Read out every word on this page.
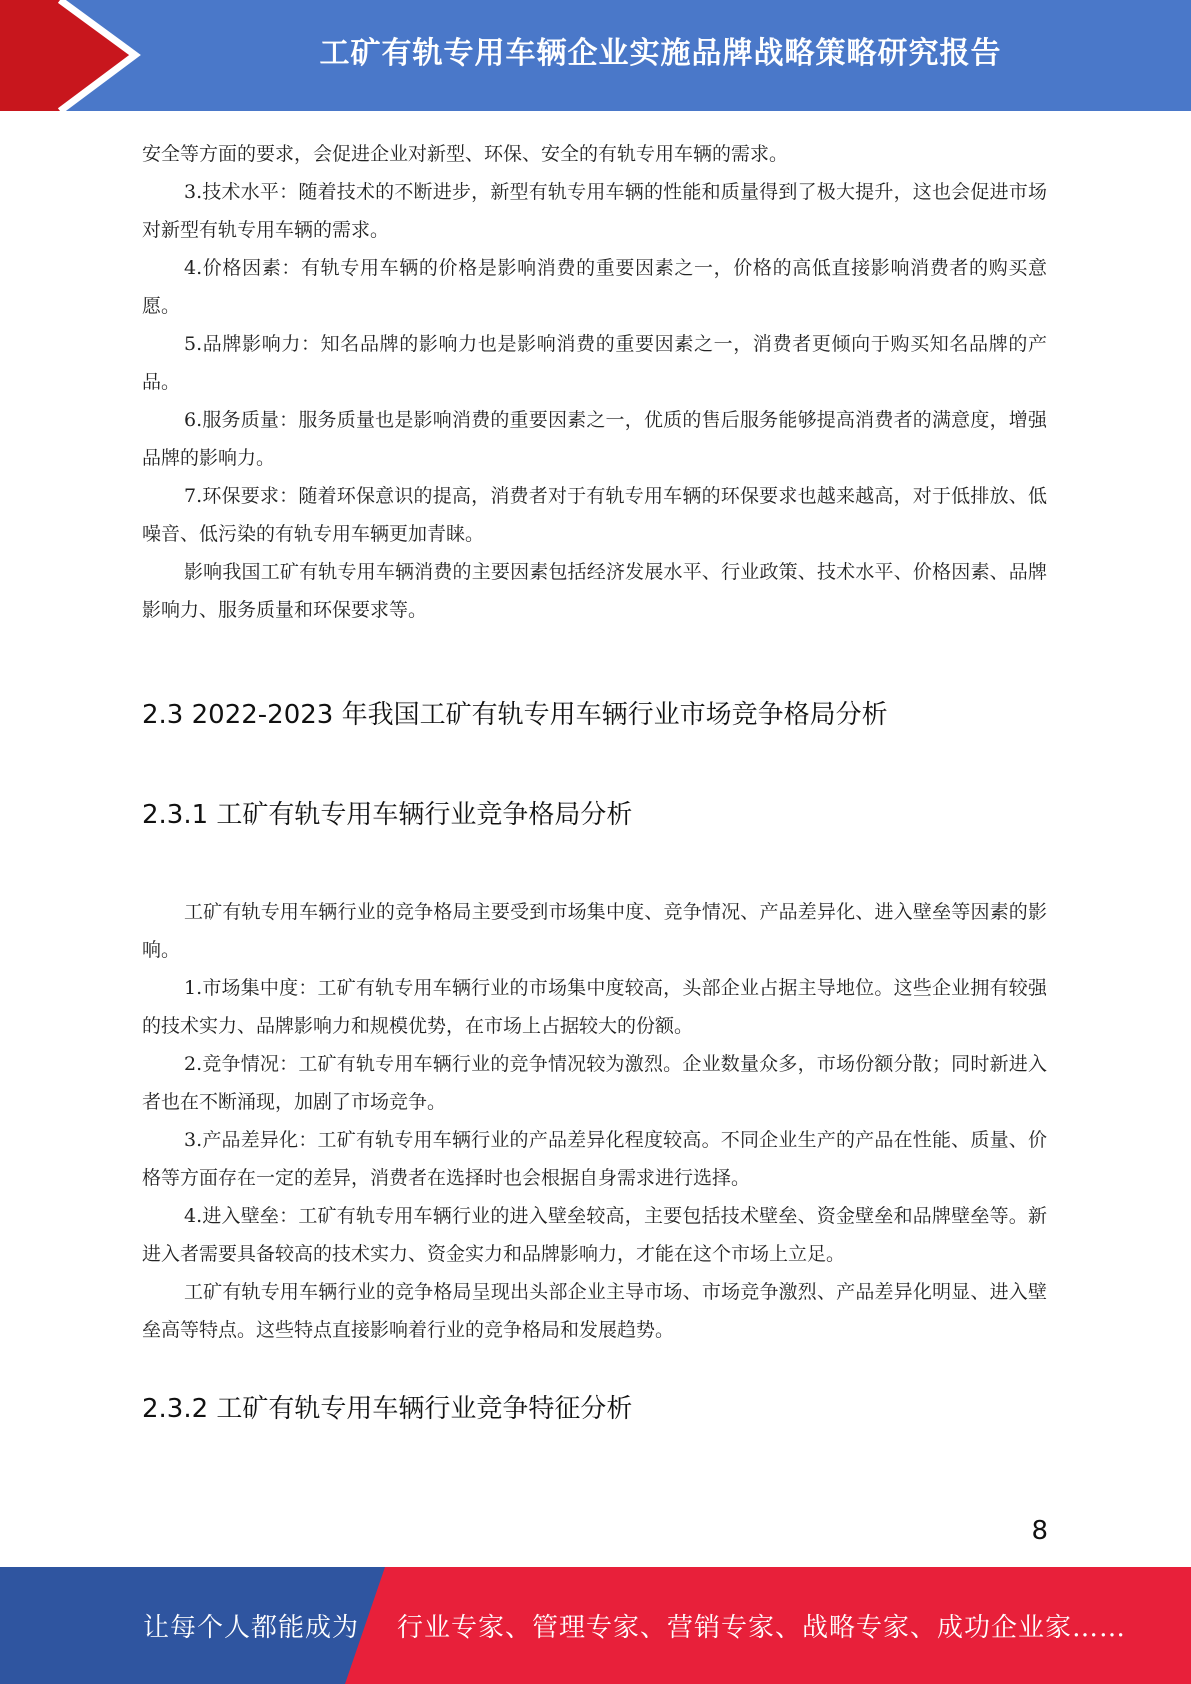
工矿有轨专用车辆企业实施品牌战略策略研究报告

安全等方面的要求，会促进企业对新型、环保、安全的有轨专用车辆的需求。

3.技术水平：随着技术的不断进步，新型有轨专用车辆的性能和质量得到了极大提升，这也会促进市场对新型有轨专用车辆的需求。

4.价格因素：有轨专用车辆的价格是影响消费的重要因素之一，价格的高低直接影响消费者的购买意愿。

5.品牌影响力：知名品牌的影响力也是影响消费的重要因素之一，消费者更倾向于购买知名品牌的产品。

6.服务质量：服务质量也是影响消费的重要因素之一，优质的售后服务能够提高消费者的满意度，增强品牌的影响力。

7.环保要求：随着环保意识的提高，消费者对于有轨专用车辆的环保要求也越来越高，对于低排放、低噪音、低污染的有轨专用车辆更加青睐。

影响我国工矿有轨专用车辆消费的主要因素包括经济发展水平、行业政策、技术水平、价格因素、品牌影响力、服务质量和环保要求等。

2.3 2022-2023 年我国工矿有轨专用车辆行业市场竞争格局分析
2.3.1 工矿有轨专用车辆行业竞争格局分析

工矿有轨专用车辆行业的竞争格局主要受到市场集中度、竞争情况、产品差异化、进入壁垒等因素的影响。

1.市场集中度：工矿有轨专用车辆行业的市场集中度较高，头部企业占据主导地位。这些企业拥有较强的技术实力、品牌影响力和规模优势，在市场上占据较大的份额。

2.竞争情况：工矿有轨专用车辆行业的竞争情况较为激烈。企业数量众多，市场份额分散；同时新进入者也在不断涌现，加剧了市场竞争。

3.产品差异化：工矿有轨专用车辆行业的产品差异化程度较高。不同企业生产的产品在性能、质量、价格等方面存在一定的差异，消费者在选择时也会根据自身需求进行选择。

4.进入壁垒：工矿有轨专用车辆行业的进入壁垒较高，主要包括技术壁垒、资金壁垒和品牌壁垒等。新进入者需要具备较高的技术实力、资金实力和品牌影响力，才能在这个市场上立足。

工矿有轨专用车辆行业的竞争格局呈现出头部企业主导市场、市场竞争激烈、产品差异化明显、进入壁垒高等特点。这些特点直接影响着行业的竞争格局和发展趋势。

2.3.2 工矿有轨专用车辆行业竞争特征分析
8
让每个人都能成为 行业专家、管理专家、营销专家、战略专家、成功企业家……
